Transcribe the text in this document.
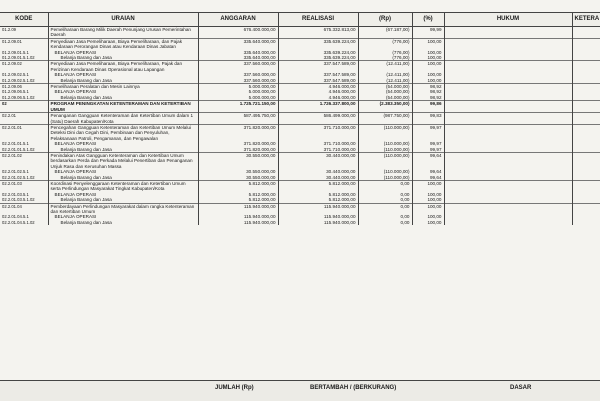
KODE	URAIAN	ANGGARAN	REALISASI	(Rp)	(%)	HUKUM	KETERA
01.2.09	Pemeliharaan Barang Milik Daerah Penunjang Urusan Pemerintahan Daerah	676.400.000,00	675.332.813,00	(67.187,00)	99,99		
01.2.09.01	Penyediaan Jasa Pemeliharaan, Biaya Pemeliharaan, dan Pajak Kendaraan Perorangan Dinas atau Kendaraan Dinas Jabatan	335.640.000,00	335.639.224,00	(776,00)	100,00		
01.2.09.01.5.1	BELANJA OPERASI	335.640.000,00	335.639.224,00	(776,00)	100,00		
01.2.09.01.5.1.02	Belanja Barang dan Jasa	335.640.000,00	335.639.224,00	(776,00)	100,00		
01.2.09.02	Penyediaan Jasa Pemeliharaan, Biaya Pemeliharaan, Pajak dan Perizinan Kendaraan Dinas Operasional atau Lapangan	337.560.000,00	337.547.589,00	(12.411,00)	100,00		
01.2.09.02.5.1	BELANJA OPERASI	337.560.000,00	337.547.589,00	(12.411,00)	100,00		
01.2.09.02.5.1.02	Belanja Barang dan Jasa	337.560.000,00	337.547.589,00	(12.411,00)	100,00		
01.2.09.06	Pemeliharaan Peralatan dan Mesin Lainnya	5.000.000,00	4.946.000,00	(54.000,00)	98,92		
01.2.09.06.5.1	BELANJA OPERASI	5.000.000,00	4.946.000,00	(54.000,00)	98,92		
01.2.09.06.5.1.02	Belanja Barang dan Jasa	5.000.000,00	4.946.000,00	(54.000,00)	98,92		
02	PROGRAM PENINGKATAN KETENTERAMAN DAN KETERTIBAN UMUM	1.725.721.150,00	1.726.337.800,00	(2.383.350,00)	99,86		
02.2.01	Penanganan Gangguan Ketenteraman dan Ketertiban Umum dalam 1 (Satu) Daerah Kabupaten/Kota	587.495.750,00	586.499.000,00	(987.750,00)	99,83		
02.2.01.01	Pencegahan Gangguan Ketenteraman dan Ketertiban Umum Melalui Deteksi Dini dan Cegah Dini, Pembinaan dan Penyuluhan, Pelaksanaan Patroli, Pengamanan, dan Pengawalan	371.820.000,00	371.710.000,00	(110.000,00)	99,97		
02.2.01.01.5.1	BELANJA OPERASI	371.820.000,00	371.710.000,00	(110.000,00)	99,97		
02.2.01.01.5.1.02	Belanja Barang dan Jasa	371.820.000,00	371.710.000,00	(110.000,00)	99,97		
02.2.01.02	Penindakan Atas Gangguan Ketenteraman dan Ketertiban Umum berdasarkan Perda dan Perkada Melalui Penertiban dan Penanganan Unjuk Rasa dan Kerusuhan Massa	30.550.000,00	30.440.000,00	(110.000,00)	99,64		
02.2.01.02.5.1	BELANJA OPERASI	30.550.000,00	30.440.000,00	(110.000,00)	99,64		
02.2.01.02.5.1.02	Belanja Barang dan Jasa	30.550.000,00	30.440.000,00	(110.000,00)	99,64		
02.2.01.03	Koordinasi Penyelenggaraan Ketenteraman dan Ketertiban Umum serta Perlindungan Masyarakat Tingkat Kabupaten/Kota	5.812.000,00	5.812.000,00	0,00	100,00		
02.2.01.03.5.1	BELANJA OPERASI	5.812.000,00	5.812.000,00	0,00	100,00		
02.2.01.03.5.1.02	Belanja Barang dan Jasa	5.812.000,00	5.812.000,00	0,00	100,00		
02.2.01.04	Pemberdayaan Perlindungan Masyarakat dalam rangka Ketenteraman dan Ketertiban Umum	115.940.000,00	115.940.000,00	0,00	100,00		
02.2.01.04.5.1	BELANJA OPERASI	115.940.000,00	115.940.000,00	0,00	100,00		
02.2.01.04.5.1.02	Belanja Barang dan Jasa	115.940.000,00	115.940.000,00	0,00	100,00		
JUMLAH (Rp)	BERTAMBAH / (BERKURANG)	DASAR
